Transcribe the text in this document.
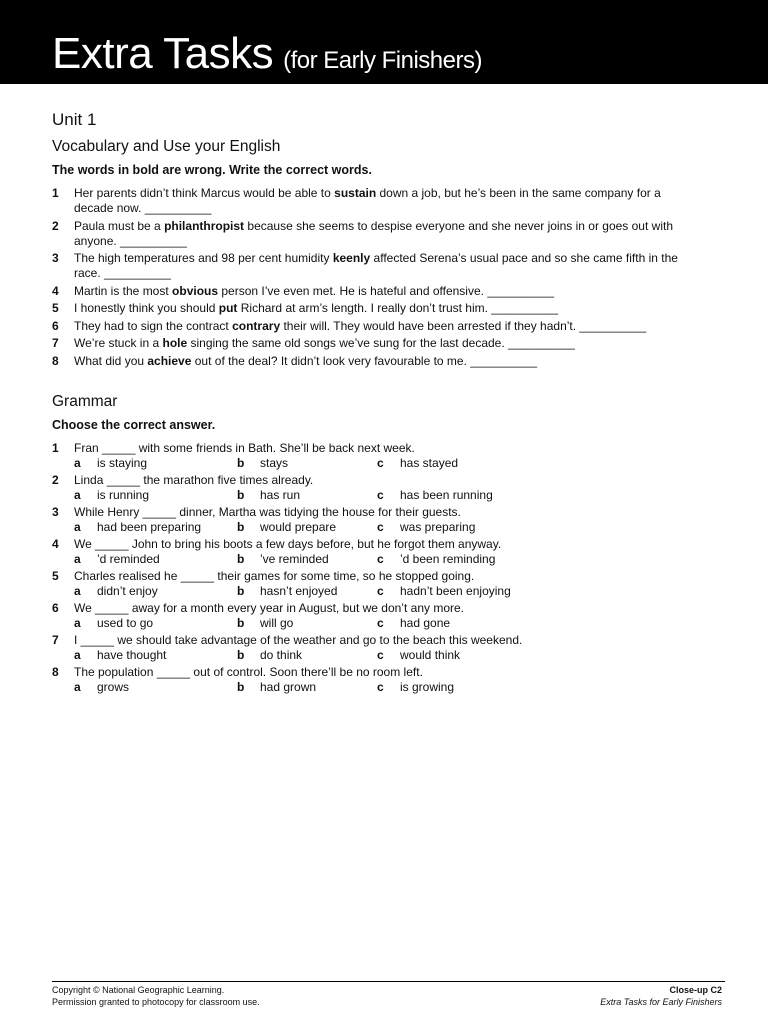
Extra Tasks (for Early Finishers)
Unit 1
Vocabulary and Use your English
The words in bold are wrong. Write the correct words.
1	Her parents didn’t think Marcus would be able to sustain down a job, but he’s been in the same company for a decade now. __________
2	Paula must be a philanthropist because she seems to despise everyone and she never joins in or goes out with anyone. __________
3	The high temperatures and 98 per cent humidity keenly affected Serena’s usual pace and so she came fifth in the race. __________
4	Martin is the most obvious person I’ve even met. He is hateful and offensive. __________
5	I honestly think you should put Richard at arm’s length. I really don’t trust him. __________
6	They had to sign the contract contrary their will. They would have been arrested if they hadn’t. __________
7	We’re stuck in a hole singing the same old songs we’ve sung for the last decade. __________
8	What did you achieve out of the deal? It didn’t look very favourable to me. __________
Grammar
Choose the correct answer.
1	Fran _____ with some friends in Bath. She’ll be back next week.
a	is staying	b	stays	c	has stayed
2	Linda _____ the marathon five times already.
a	is running	b	has run	c	has been running
3	While Henry _____ dinner, Martha was tidying the house for their guests.
a	had been preparing	b	would prepare	c	was preparing
4	We _____ John to bring his boots a few days before, but he forgot them anyway.
a	’d reminded	b	’ve reminded	c	’d been reminding
5	Charles realised he _____ their games for some time, so he stopped going.
a	didn’t enjoy	b	hasn’t enjoyed	c	hadn’t been enjoying
6	We _____ away for a month every year in August, but we don’t any more.
a	used to go	b	will go	c	had gone
7	I _____ we should take advantage of the weather and go to the beach this weekend.
a	have thought	b	do think	c	would think
8	The population _____ out of control. Soon there’ll be no room left.
a	grows	b	had grown	c	is growing
Copyright © National Geographic Learning.
Permission granted to photocopy for classroom use.
Close-up C2
Extra Tasks for Early Finishers
